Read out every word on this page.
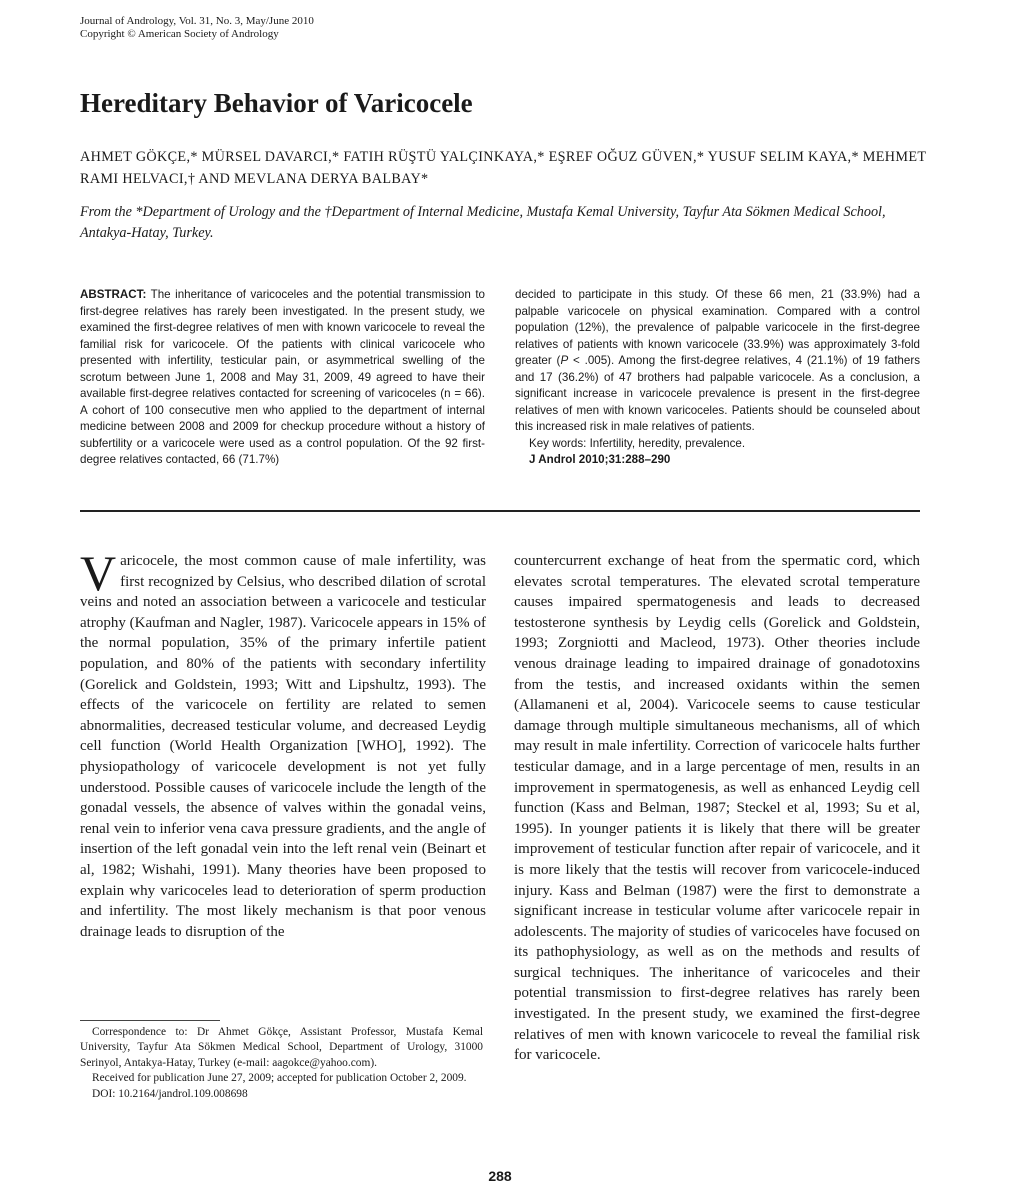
Journal of Andrology, Vol. 31, No. 3, May/June 2010
Copyright © American Society of Andrology
Hereditary Behavior of Varicocele
AHMET GÖKÇE,* MÜRSEL DAVARCI,* FATIH RÜŞTÜ YALÇINKAYA,* EŞREF OĞUZ GÜVEN,* YUSUF SELIM KAYA,* MEHMET RAMI HELVACI,† AND MEVLANA DERYA BALBAY*
From the *Department of Urology and the †Department of Internal Medicine, Mustafa Kemal University, Tayfur Ata Sökmen Medical School, Antakya-Hatay, Turkey.
ABSTRACT: The inheritance of varicoceles and the potential transmission to first-degree relatives has rarely been investigated. In the present study, we examined the first-degree relatives of men with known varicocele to reveal the familial risk for varicocele. Of the patients with clinical varicocele who presented with infertility, testicular pain, or asymmetrical swelling of the scrotum between June 1, 2008 and May 31, 2009, 49 agreed to have their available first-degree relatives contacted for screening of varicoceles (n = 66). A cohort of 100 consecutive men who applied to the department of internal medicine between 2008 and 2009 for checkup procedure without a history of subfertility or a varicocele were used as a control population. Of the 92 first-degree relatives contacted, 66 (71.7%)
decided to participate in this study. Of these 66 men, 21 (33.9%) had a palpable varicocele on physical examination. Compared with a control population (12%), the prevalence of palpable varicocele in the first-degree relatives of patients with known varicocele (33.9%) was approximately 3-fold greater (P < .005). Among the first-degree relatives, 4 (21.1%) of 19 fathers and 17 (36.2%) of 47 brothers had palpable varicocele. As a conclusion, a significant increase in varicocele prevalence is present in the first-degree relatives of men with known varicoceles. Patients should be counseled about this increased risk in male relatives of patients.
Key words: Infertility, heredity, prevalence.
J Androl 2010;31:288–290

Varicocele, the most common cause of male infertility, was first recognized by Celsius, who described dilation of scrotal veins and noted an association between a varicocele and testicular atrophy (Kaufman and Nagler, 1987). Varicocele appears in 15% of the normal population, 35% of the primary infertile patient population, and 80% of the patients with secondary infertility (Gorelick and Goldstein, 1993; Witt and Lipshultz, 1993). The effects of the varicocele on fertility are related to semen abnormalities, decreased testicular volume, and decreased Leydig cell function (World Health Organization [WHO], 1992). The physiopathology of varicocele development is not yet fully understood. Possible causes of varicocele include the length of the gonadal vessels, the absence of valves within the gonadal veins, renal vein to inferior vena cava pressure gradients, and the angle of insertion of the left gonadal vein into the left renal vein (Beinart et al, 1982; Wishahi, 1991). Many theories have been proposed to explain why varicoceles lead to deterioration of sperm production and infertility. The most likely mechanism is that poor venous drainage leads to disruption of the

countercurrent exchange of heat from the spermatic cord, which elevates scrotal temperatures. The elevated scrotal temperature causes impaired spermatogenesis and leads to decreased testosterone synthesis by Leydig cells (Gorelick and Goldstein, 1993; Zorgniotti and Macleod, 1973). Other theories include venous drainage leading to impaired drainage of gonadotoxins from the testis, and increased oxidants within the semen (Allamaneni et al, 2004). Varicocele seems to cause testicular damage through multiple simultaneous mechanisms, all of which may result in male infertility. Correction of varicocele halts further testicular damage, and in a large percentage of men, results in an improvement in spermatogenesis, as well as enhanced Leydig cell function (Kass and Belman, 1987; Steckel et al, 1993; Su et al, 1995). In younger patients it is likely that there will be greater improvement of testicular function after repair of varicocele, and it is more likely that the testis will recover from varicocele-induced injury. Kass and Belman (1987) were the first to demonstrate a significant increase in testicular volume after varicocele repair in adolescents. The majority of studies of varicoceles have focused on its pathophysiology, as well as on the methods and results of surgical techniques. The inheritance of varicoceles and their potential transmission to first-degree relatives has rarely been investigated. In the present study, we examined the first-degree relatives of men with known varicocele to reveal the familial risk for varicocele.

Correspondence to: Dr Ahmet Gökçe, Assistant Professor, Mustafa Kemal University, Tayfur Ata Sökmen Medical School, Department of Urology, 31000 Serinyol, Antakya-Hatay, Turkey (e-mail: aagokce@yahoo.com).
Received for publication June 27, 2009; accepted for publication October 2, 2009.
DOI: 10.2164/jandrol.109.008698
288
